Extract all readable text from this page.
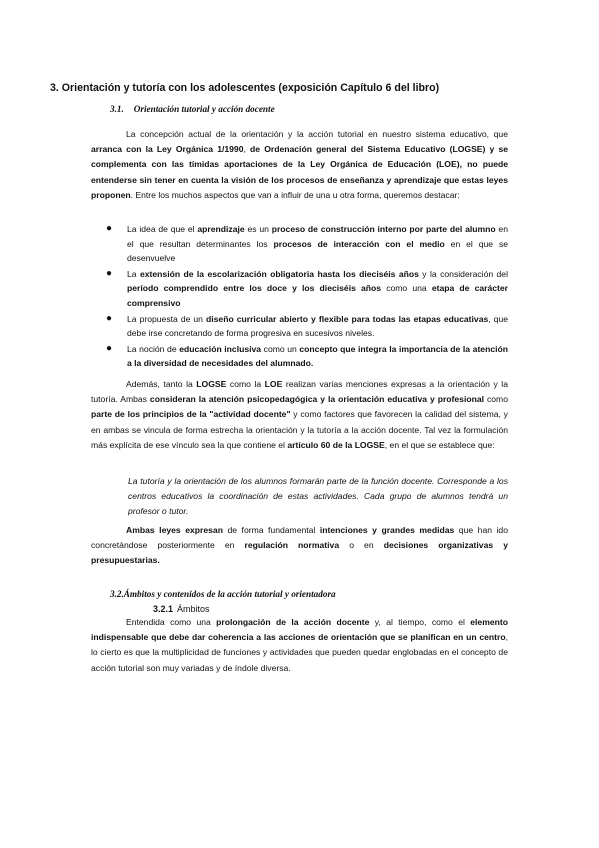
3. Orientación y tutoría con los adolescentes (exposición Capítulo 6 del libro)
3.1. Orientación tutorial y acción docente

La concepción actual de la orientación y la acción tutorial en nuestro sistema educativo, que arranca con la Ley Orgánica 1/1990, de Ordenación general del Sistema Educativo (LOGSE) y se complementa con las tímidas aportaciones de la Ley Orgánica de Educación (LOE), no puede entenderse sin tener en cuenta la visión de los procesos de enseñanza y aprendizaje que estas leyes proponen. Entre los muchos aspectos que van a influir de una u otra forma, queremos destacar:

● La idea de que el aprendizaje es un proceso de construcción interno por parte del alumno en el que resultan determinantes los procesos de interacción con el medio en el que se desenvuelve
● La extensión de la escolarización obligatoria hasta los dieciséis años y la consideración del período comprendido entre los doce y los dieciséis años como una etapa de carácter comprensivo
● La propuesta de un diseño curricular abierto y flexible para todas las etapas educativas, que debe irse concretando de forma progresiva en sucesivos niveles.
● La noción de educación inclusiva como un concepto que integra la importancia de la atención a la diversidad de necesidades del alumnado.

Además, tanto la LOGSE como la LOE realizan varias menciones expresas a la orientación y la tutoría. Ambas consideran la atención psicopedagógica y la orientación educativa y profesional como parte de los principios de la "actividad docente" y como factores que favorecen la calidad del sistema, y en ambas se vincula de forma estrecha la orientación y la tutoría a la acción docente. Tal vez la formulación más explícita de ese vínculo sea la que contiene el artículo 60 de la LOGSE, en el que se establece que:

La tutoría y la orientación de los alumnos formarán parte de la función docente. Corresponde a los centros educativos la coordinación de estas actividades. Cada grupo de alumnos tendrá un profesor o tutor.

Ambas leyes expresan de forma fundamental intenciones y grandes medidas que han ido concretándose posteriormente en regulación normativa o en decisiones organizativas y presupuestarias.

3.2.Ámbitos y contenidos de la acción tutorial y orientadora
3.2.1 Ámbitos

Entendida como una prolongación de la acción docente y, al tiempo, como el elemento indispensable que debe dar coherencia a las acciones de orientación que se planifican en un centro, lo cierto es que la multiplicidad de funciones y actividades que pueden quedar englobadas en el concepto de acción tutorial son muy variadas y de índole diversa.
